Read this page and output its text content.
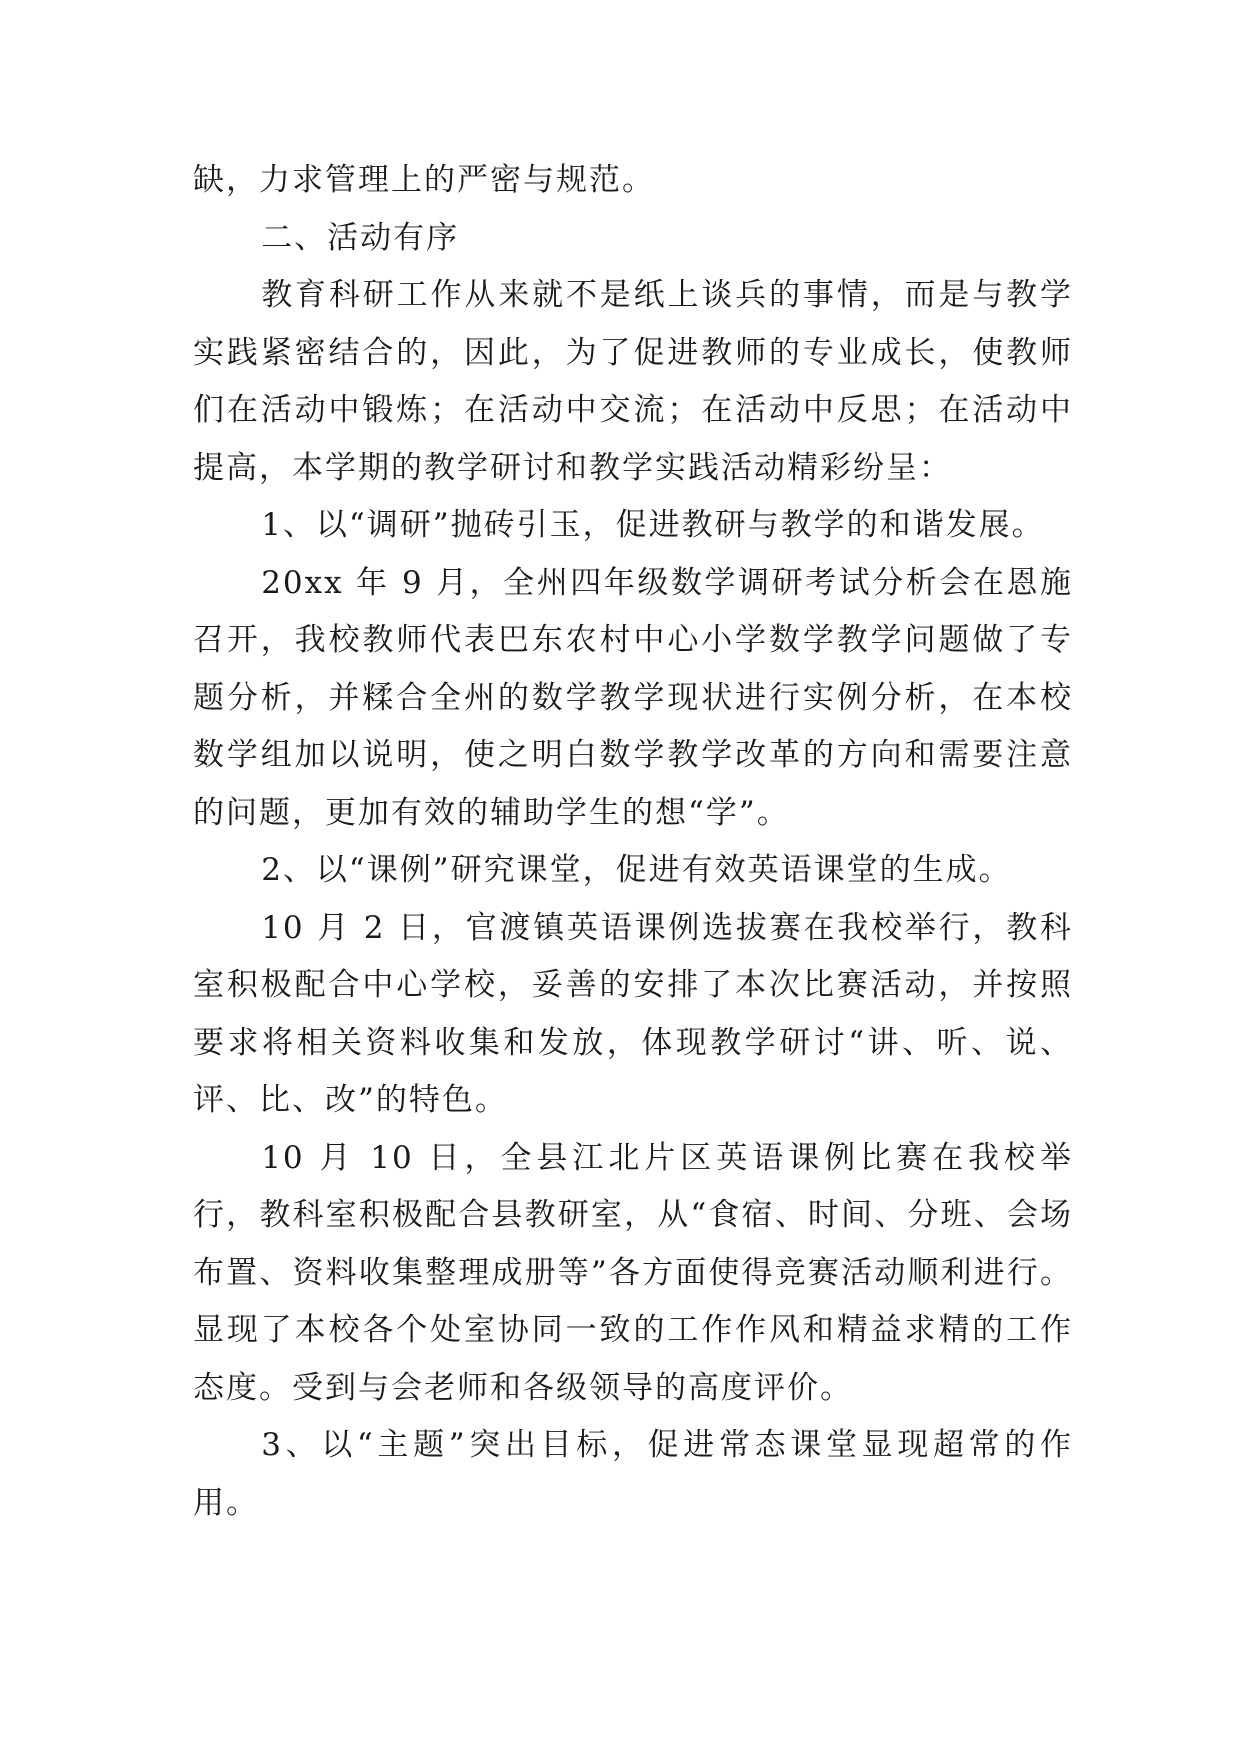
缺，力求管理上的严密与规范。

二、活动有序

教育科研工作从来就不是纸上谈兵的事情，而是与教学实践紧密结合的，因此，为了促进教师的专业成长，使教师们在活动中锻炼；在活动中交流；在活动中反思；在活动中提高，本学期的教学研讨和教学实践活动精彩纷呈：

1、以“调研”抛砖引玉，促进教研与教学的和谐发展。

20xx 年 9 月，全州四年级数学调研考试分析会在恩施召开，我校教师代表巴东农村中心小学数学教学问题做了专题分析，并糅合全州的数学教学现状进行实例分析，在本校数学组加以说明，使之明白数学教学改革的方向和需要注意的问题，更加有效的辅助学生的想“学”。

2、以“课例”研究课堂，促进有效英语课堂的生成。

10 月 2 日，官渡镇英语课例选拔赛在我校举行，教科室积极配合中心学校，妥善的安排了本次比赛活动，并按照要求将相关资料收集和发放，体现教学研讨“讲、听、说、评、比、改”的特色。

10 月 10 日，全县江北片区英语课例比赛在我校举行，教科室积极配合县教研室，从“食宿、时间、分班、会场布置、资料收集整理成册等”各方面使得竞赛活动顺利进行。显现了本校各个处室协同一致的工作作风和精益求精的工作态度。受到与会老师和各级领导的高度评价。

3、以“主题”突出目标，促进常态课堂显现超常的作用。
